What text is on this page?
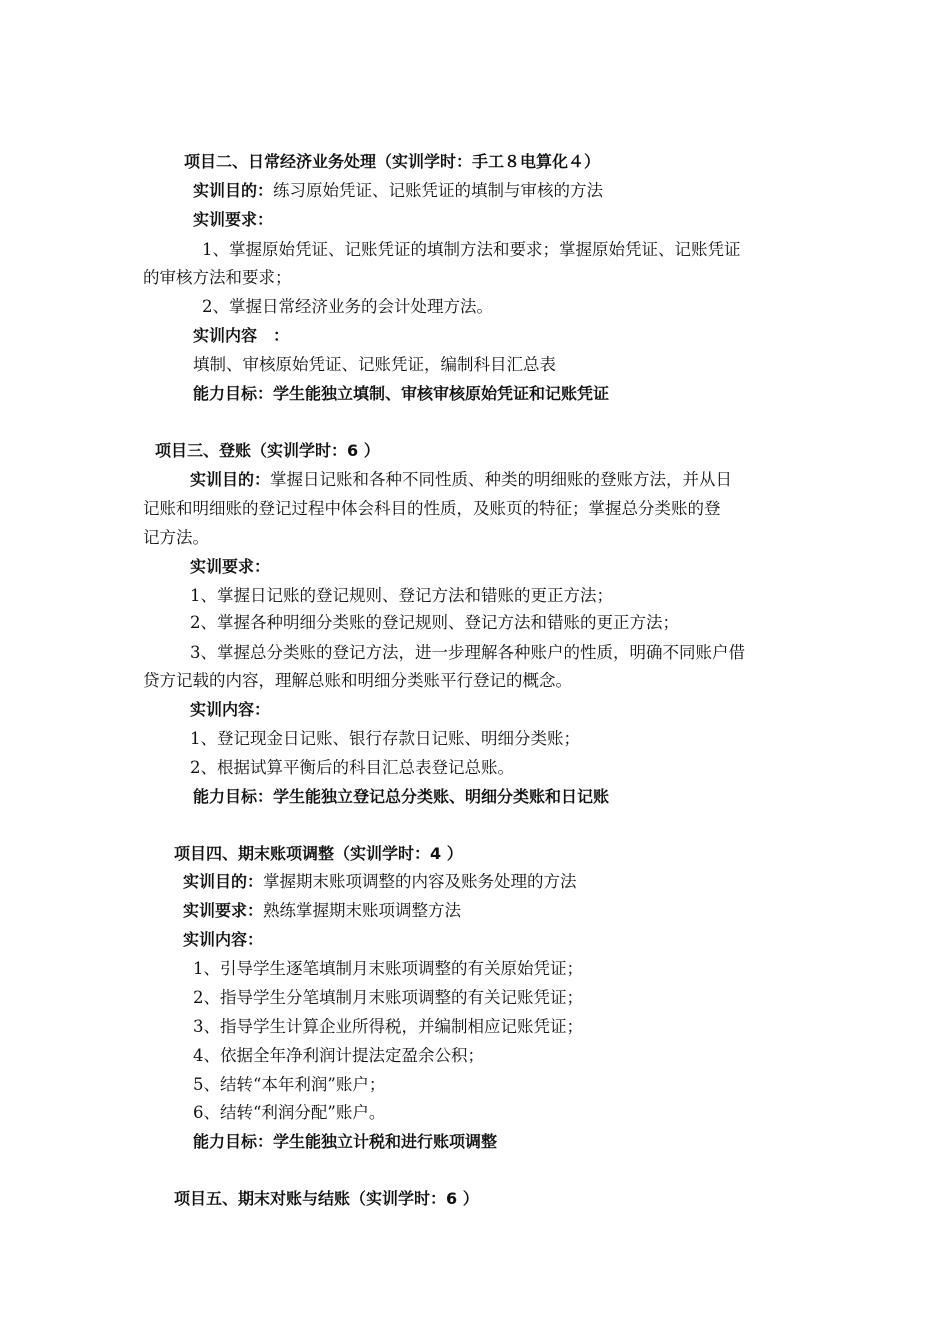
项目二、日常经济业务处理（实训学时：手工８电算化４）
实训目的：练习原始凭证、记账凭证的填制与审核的方法
实训要求：
1、掌握原始凭证、记账凭证的填制方法和要求；掌握原始凭证、记账凭证
的审核方法和要求；
2、掌握日常经济业务的会计处理方法。
实训内容　：
填制、审核原始凭证、记账凭证，编制科目汇总表
能力目标：学生能独立填制、审核审核原始凭证和记账凭证
项目三、登账（实训学时：6 ）
实训目的：掌握日记账和各种不同性质、种类的明细账的登账方法，并从日
记账和明细账的登记过程中体会科目的性质，及账页的特征；掌握总分类账的登
记方法。
实训要求：
1、掌握日记账的登记规则、登记方法和错账的更正方法；
2、掌握各种明细分类账的登记规则、登记方法和错账的更正方法；
3、掌握总分类账的登记方法，进一步理解各种账户的性质，明确不同账户借
贷方记载的内容，理解总账和明细分类账平行登记的概念。
实训内容：
1、登记现金日记账、银行存款日记账、明细分类账；
2、根据试算平衡后的科目汇总表登记总账。
能力目标：学生能独立登记总分类账、明细分类账和日记账
项目四、期末账项调整（实训学时：4 ）
实训目的：掌握期末账项调整的内容及账务处理的方法
实训要求：熟练掌握期末账项调整方法
实训内容：
1、引导学生逐笔填制月末账项调整的有关原始凭证；
2、指导学生分笔填制月末账项调整的有关记账凭证；
3、指导学生计算企业所得税，并编制相应记账凭证；
4、依据全年净利润计提法定盈余公积；
5、结转“本年利润”账户；
6、结转“利润分配”账户。
能力目标：学生能独立计税和进行账项调整
项目五、期末对账与结账（实训学时：6 ）
